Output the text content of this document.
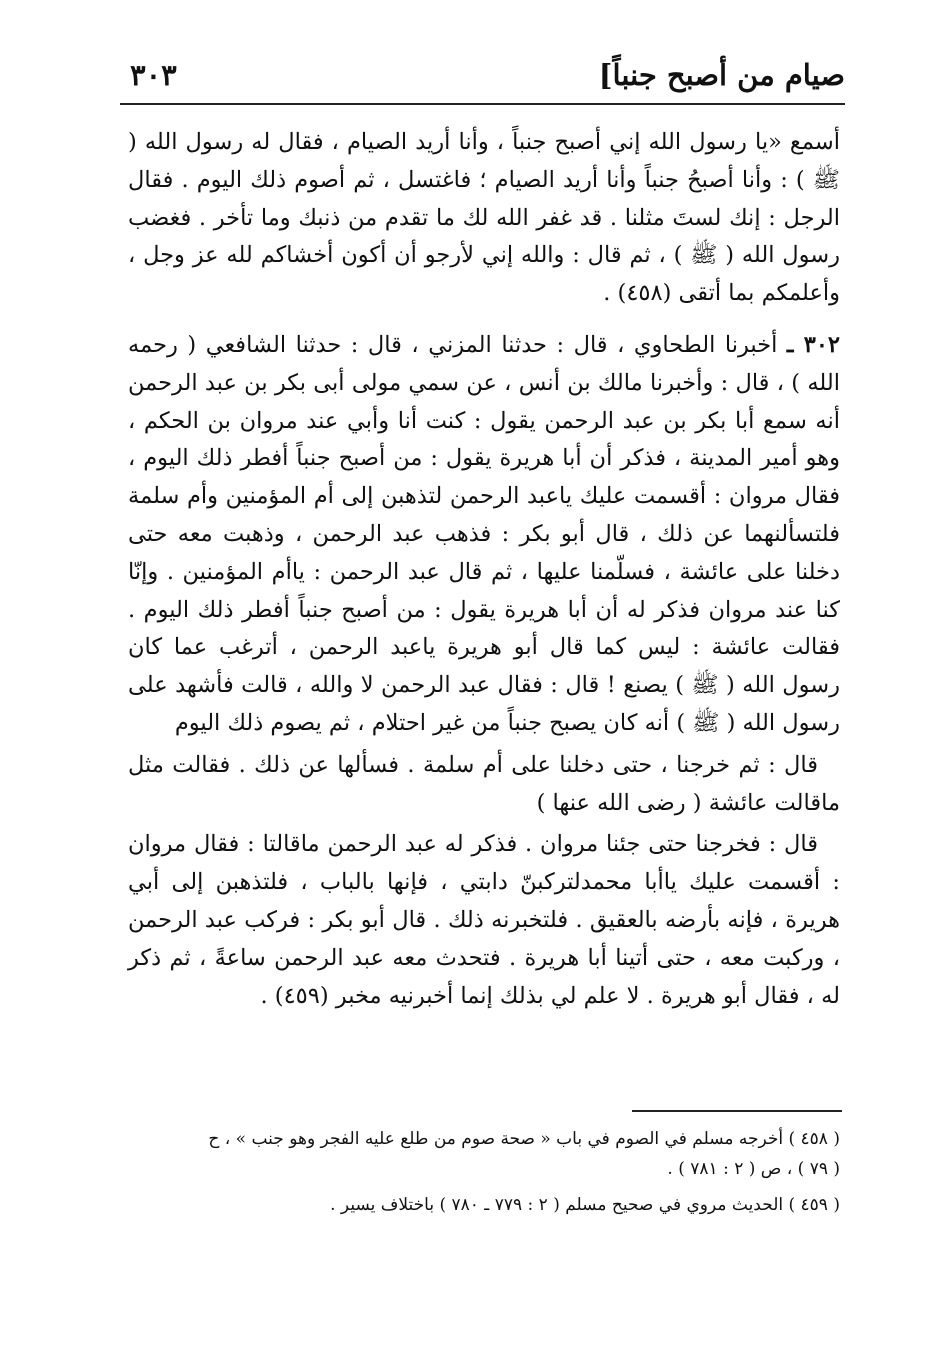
صيام من أصبح جنباً]
٣٠٣

أسمع «يا رسول الله إني أصبح جنباً ، وأنا أريد الصيام ، فقال له رسول الله ( ﷺ ) : وأنا أصبحُ جنباً وأنا أريد الصيام ؛ فاغتسل ، ثم أصوم ذلك اليوم . فقال الرجل : إنك لستَ مثلنا . قد غفر الله لك ما تقدم من ذنبك وما تأخر . فغضب رسول الله ( ﷺ ) ، ثم قال : والله إني لأرجو أن أكون أخشاكم لله عز وجل ، وأعلمكم بما أتقى (٤٥٨) .

٣٠٢ ـ أخبرنا الطحاوي ، قال : حدثنا المزني ، قال : حدثنا الشافعي ( رحمه الله ) ، قال : وأخبرنا مالك بن أنس ، عن سمي مولى أبى بكر بن عبد الرحمن أنه سمع أبا بكر بن عبد الرحمن يقول : كنت أنا وأبي عند مروان بن الحكم ، وهو أمير المدينة ، فذكر أن أبا هريرة يقول : من أصبح جنباً أفطر ذلك اليوم ، فقال مروان : أقسمت عليك ياعبد الرحمن لتذهبن إلى أم المؤمنين وأم سلمة فلتسألنهما عن ذلك ، قال أبو بكر : فذهب عبد الرحمن ، وذهبت معه حتى دخلنا على عائشة ، فسلّمنا عليها ، ثم قال عبد الرحمن : ياأم المؤمنين . وإنّا كنا عند مروان فذكر له أن أبا هريرة يقول : من أصبح جنباً أفطر ذلك اليوم . فقالت عائشة : ليس كما قال أبو هريرة ياعبد الرحمن ، أترغب عما كان رسول الله ( ﷺ ) يصنع ! قال : فقال عبد الرحمن لا والله ، قالت فأشهد على رسول الله ( ﷺ ) أنه كان يصبح جنباً من غير احتلام ، ثم يصوم ذلك اليوم

قال : ثم خرجنا ، حتى دخلنا على أم سلمة . فسألها عن ذلك . فقالت مثل ماقالت عائشة ( رضى الله عنها )

قال : فخرجنا حتى جئنا مروان . فذكر له عبد الرحمن ماقالتا : فقال مروان : أقسمت عليك ياأبا محمدلتركبنّ دابتي ، فإنها بالباب ، فلتذهبن إلى أبي هريرة ، فإنه بأرضه بالعقيق . فلتخبرنه ذلك . قال أبو بكر : فركب عبد الرحمن ، وركبت معه ، حتى أتينا أبا هريرة . فتحدث معه عبد الرحمن ساعةً ، ثم ذكر له ، فقال أبو هريرة . لا علم لي بذلك إنما أخبرنيه مخبر (٤٥٩) .

( ٤٥٨ ) أخرجه مسلم في الصوم في باب « صحة صوم من طلع عليه الفجر وهو جنب » ، ح

( ٧٩ ) ، ص ( ٢ : ٧٨١ ) .

( ٤٥٩ ) الحديث مروي في صحيح مسلم ( ٢ : ٧٧٩ ـ ٧٨٠ ) باختلاف يسير .
